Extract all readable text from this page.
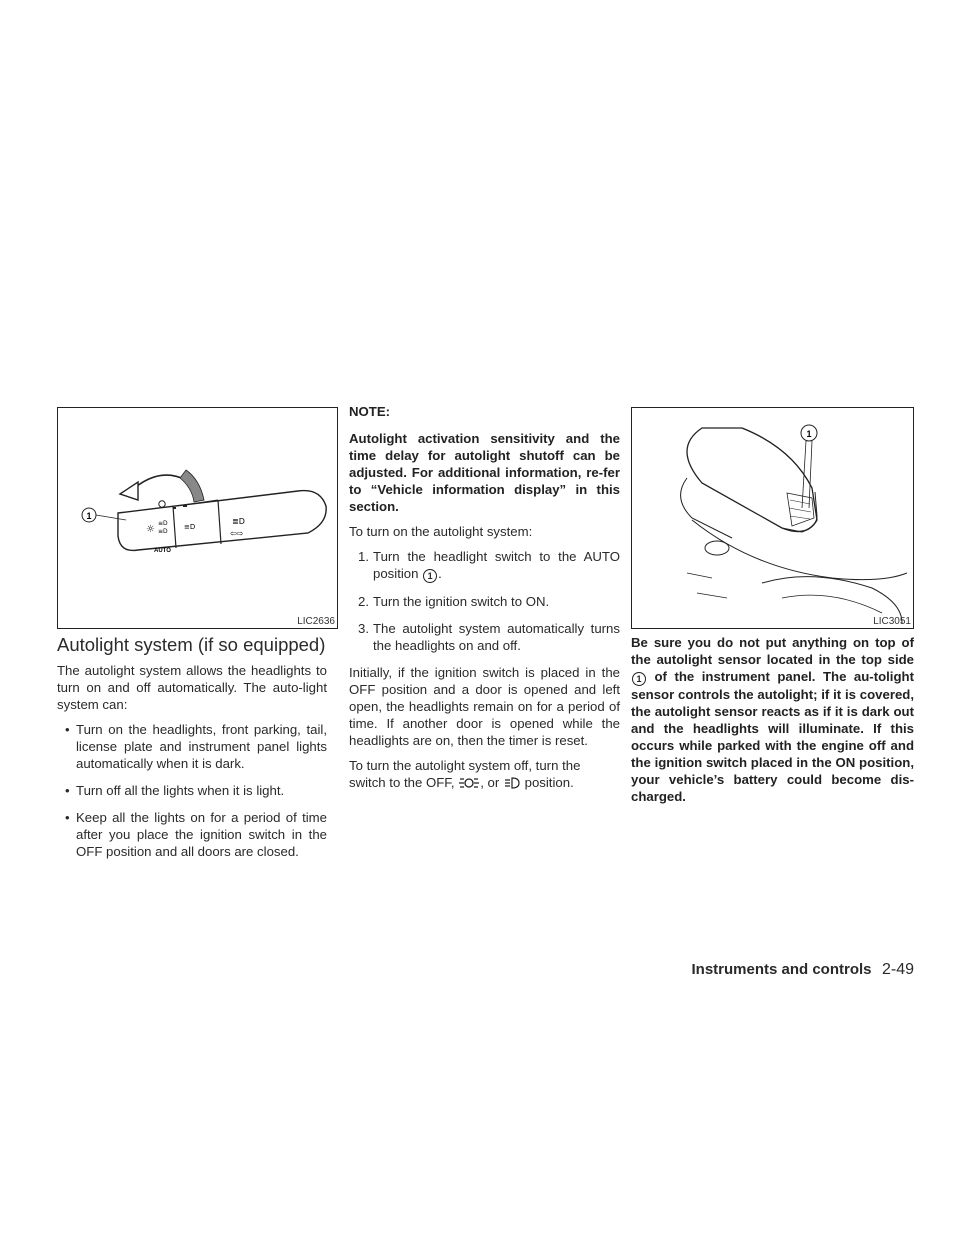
1
☼
≡D
≡D
≡D
≣D
⇦⇨
AUTO
LIC2636
1
LIC3051
Autolight system (if so equipped)

The autolight system allows the headlights to turn on and off automatically. The auto-light system can:

• Turn on the headlights, front parking, tail, license plate and instrument panel lights automatically when it is dark.
• Turn off all the lights when it is light.
• Keep all the lights on for a period of time after you place the ignition switch in the OFF position and all doors are closed.

NOTE:

Autolight activation sensitivity and the time delay for autolight shutoff can be adjusted. For additional information, re-fer to “Vehicle information display” in this section.

To turn on the autolight system:

1. Turn the headlight switch to the AUTO position 1 .
2. Turn the ignition switch to ON.
3. The autolight system automatically turns the headlights on and off.

Initially, if the ignition switch is placed in the OFF position and a door is opened and left open, the headlights remain on for a period of time. If another door is opened while the headlights are on, then the timer is reset.

To turn the autolight system off, turn the switch to the OFF, , or position.

Be sure you do not put anything on top of the autolight sensor located in the top side 1 of the instrument panel. The au-tolight sensor controls the autolight; if it is covered, the autolight sensor reacts as if it is dark out and the headlights will illuminate. If this occurs while parked with the engine off and the ignition switch placed in the ON position, your vehicle’s battery could become dis-charged.

Instruments and controls 2-49
